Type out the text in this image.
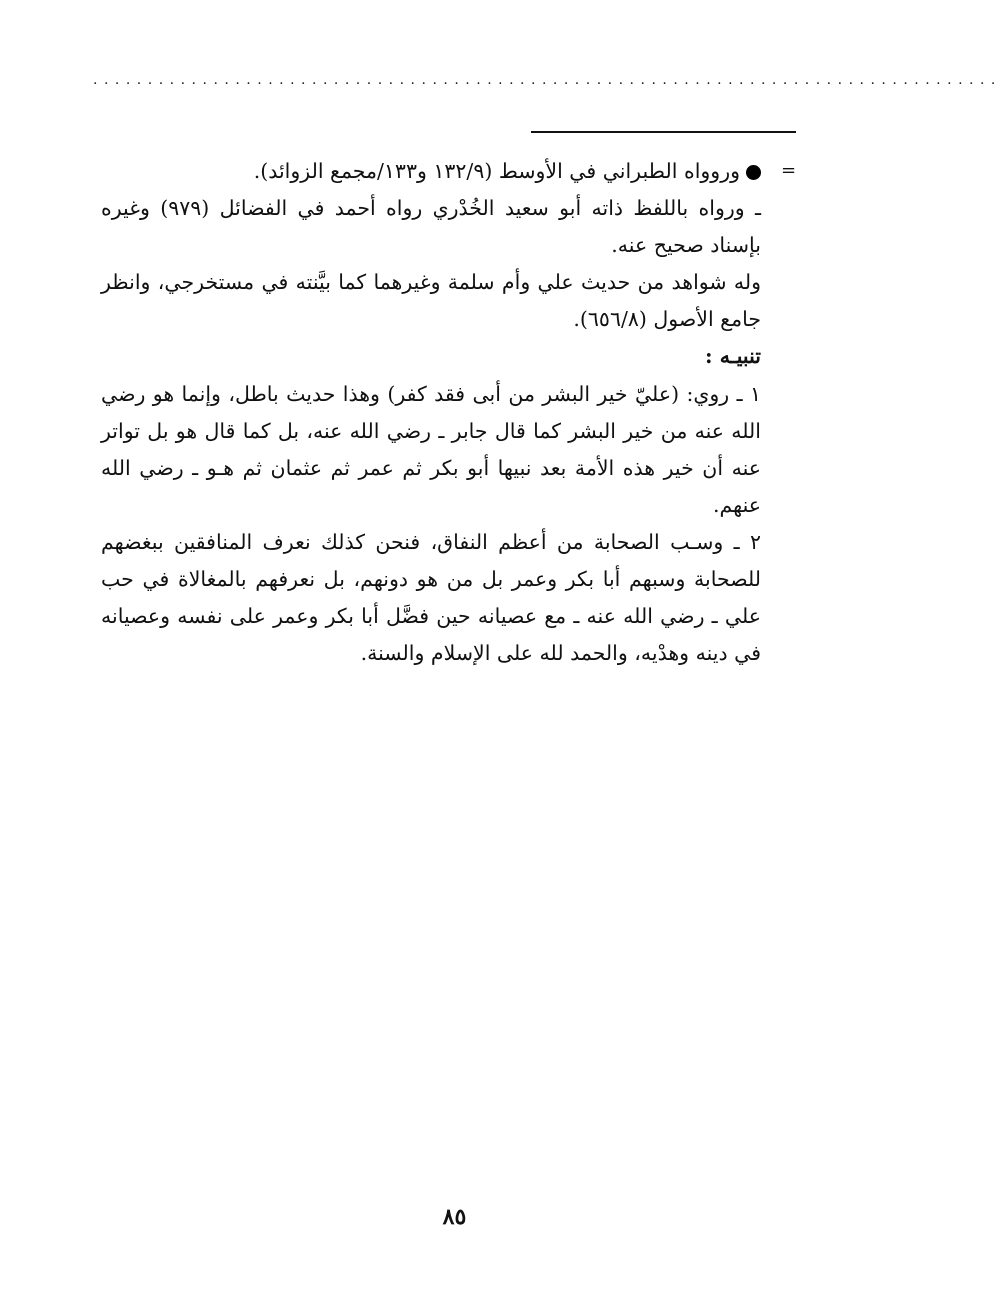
...................................................................................
=

وروواه الطبراني في الأوسط (١٣٢/٩ و١٣٣/مجمع الزوائد).

ـ ورواه باللفظ ذاته أبو سعيد الخُدْري رواه أحمد في الفضائل (٩٧٩) وغيره بإسناد صحيح عنه.

وله شواهد من حديث علي وأم سلمة وغيرهما كما بيَّنته في مستخرجي، وانظر جامع الأصول (٦٥٦/٨).

تنبيـه :

١ ـ روي: (عليّ خير البشر من أبى فقد كفر) وهذا حديث باطل، وإنما هو رضي الله عنه من خير البشر كما قال جابر ـ رضي الله عنه، بل كما قال هو بل تواتر عنه أن خير هذه الأمة بعد نبيها أبو بكر ثم عمر ثم عثمان ثم هـو ـ رضي الله عنهم.

٢ ـ وسـب الصحابة من أعظم النفاق، فنحن كذلك نعرف المنافقين ببغضهم للصحابة وسبهم أبا بكر وعمر بل من هو دونهم، بل نعرفهم بالمغالاة في حب علي ـ رضي الله عنه ـ مع عصيانه حين فضَّل أبا بكر وعمر على نفسه وعصيانه في دينه وهدْيه، والحمد لله على الإسلام والسنة.

٨٥
